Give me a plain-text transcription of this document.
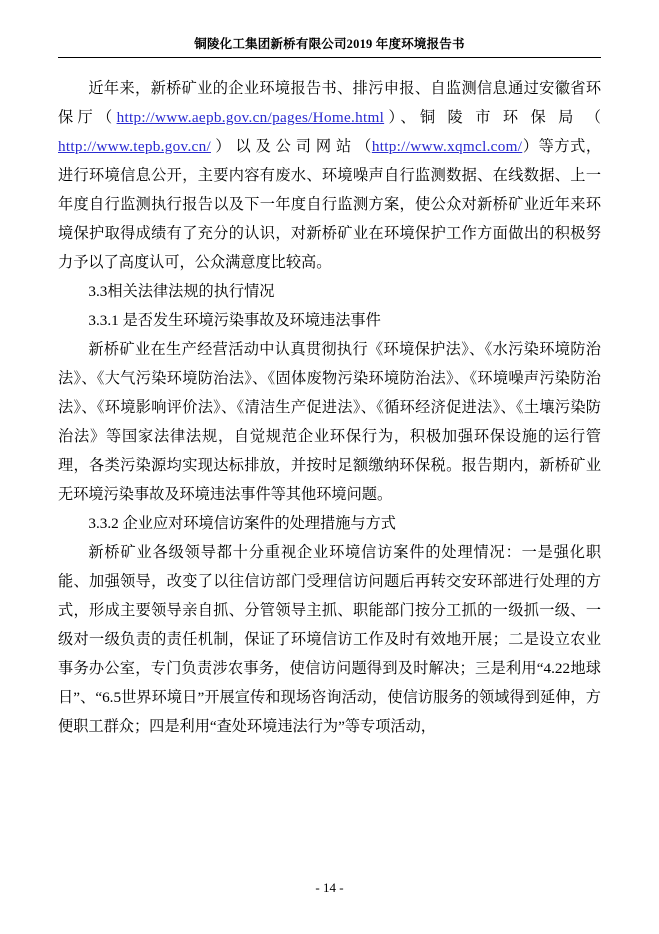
铜陵化工集团新桥有限公司2019 年度环境报告书

近年来，新桥矿业的企业环境报告书、排污申报、自监测信息通过安徽省环保厅（http://www.aepb.gov.cn/pages/Home.html）、铜 陵 市 环 保 局 （ http://www.tepb.gov.cn/ ） 以 及 公 司 网 站 （http://www.xqmcl.com/）等方式，进行环境信息公开，主要内容有废水、环境噪声自行监测数据、在线数据、上一年度自行监测执行报告以及下一年度自行监测方案，使公众对新桥矿业近年来环境保护取得成绩有了充分的认识，对新桥矿业在环境保护工作方面做出的积极努力予以了高度认可，公众满意度比较高。

3.3相关法律法规的执行情况

3.3.1 是否发生环境污染事故及环境违法事件

新桥矿业在生产经营活动中认真贯彻执行《环境保护法》、《水污染环境防治法》、《大气污染环境防治法》、《固体废物污染环境防治法》、《环境噪声污染防治法》、《环境影响评价法》、《清洁生产促进法》、《循环经济促进法》、《土壤污染防治法》等国家法律法规，自觉规范企业环保行为，积极加强环保设施的运行管理，各类污染源均实现达标排放，并按时足额缴纳环保税。报告期内，新桥矿业无环境污染事故及环境违法事件等其他环境问题。

3.3.2 企业应对环境信访案件的处理措施与方式

新桥矿业各级领导都十分重视企业环境信访案件的处理情况：一是强化职能、加强领导，改变了以往信访部门受理信访问题后再转交安环部进行处理的方式，形成主要领导亲自抓、分管领导主抓、职能部门按分工抓的一级抓一级、一级对一级负责的责任机制，保证了环境信访工作及时有效地开展；二是设立农业事务办公室，专门负责涉农事务，使信访问题得到及时解决；三是利用“4.22地球日”、“6.5世界环境日”开展宣传和现场咨询活动，使信访服务的领域得到延伸，方便职工群众；四是利用“查处环境违法行为”等专项活动，

- 14 -
